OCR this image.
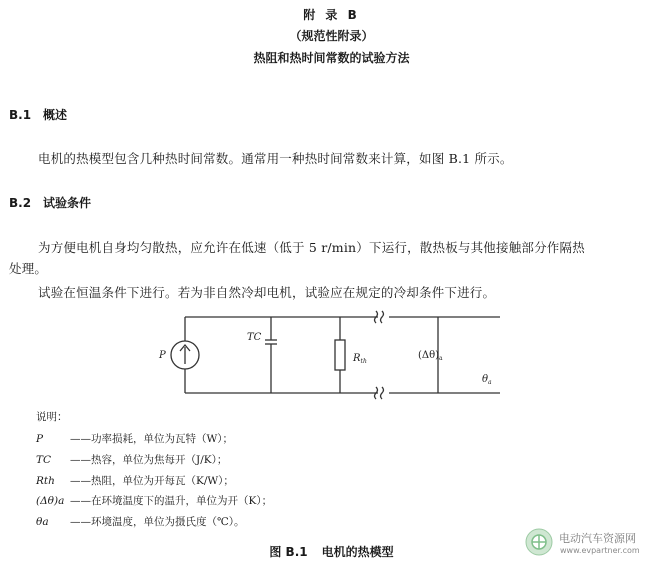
附 录 B
（规范性附录）
热阻和热时间常数的试验方法
B.1 概述
电机的热模型包含几种热时间常数。通常用一种热时间常数来计算，如图 B.1 所示。
B.2 试验条件
为方便电机自身均匀散热，应允许在低速（低于 5 r/min）下运行，散热板与其他接触部分作隔热
处理。
试验在恒温条件下进行。若为非自然冷却电机，试验应在规定的冷却条件下进行。
P
TC
$R_{th}$
$(\Delta\theta)_a$
$\theta_a$
说明：
P	——功率损耗，单位为瓦特（W）；
TC ——热容，单位为焦每开（J/K）；
Rth ——热阻，单位为开每瓦（K/W）；
(Δθ)a ——在环境温度下的温升，单位为开（K）；
θa ——环境温度，单位为摄氏度（℃）。
图 B.1 电机的热模型
电动汽车资源网
www.evpartner.com
